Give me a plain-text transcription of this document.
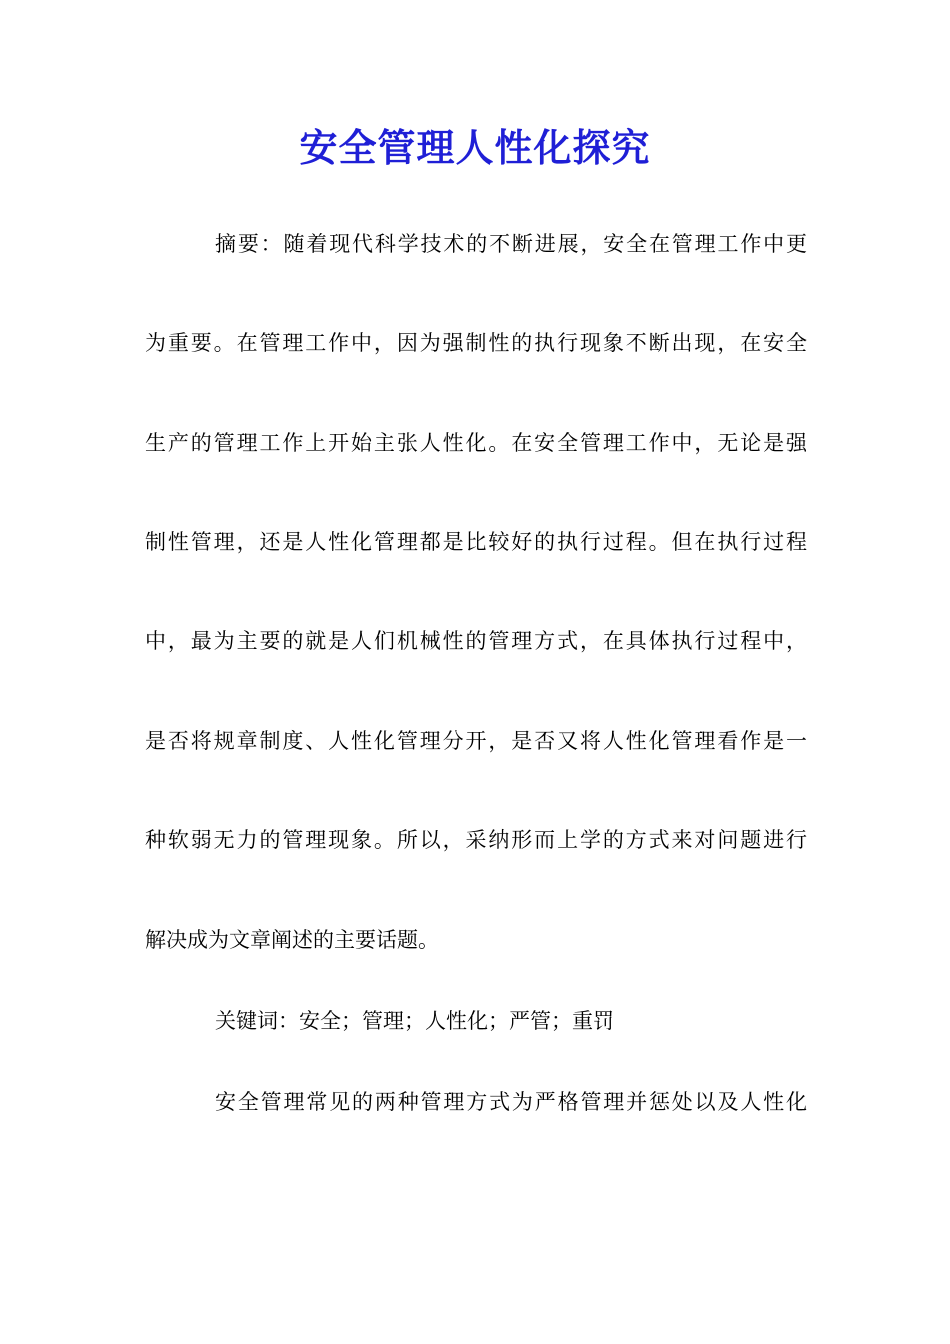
安全管理人性化探究

摘要：随着现代科学技术的不断进展，安全在管理工作中更

为重要。在管理工作中，因为强制性的执行现象不断出现，在安全

生产的管理工作上开始主张人性化。在安全管理工作中，无论是强

制性管理，还是人性化管理都是比较好的执行过程。但在执行过程

中，最为主要的就是人们机械性的管理方式，在具体执行过程中，

是否将规章制度、人性化管理分开，是否又将人性化管理看作是一

种软弱无力的管理现象。所以，采纳形而上学的方式来对问题进行

解决成为文章阐述的主要话题。

关键词：安全；管理；人性化；严管；重罚

安全管理常见的两种管理方式为严格管理并惩处以及人性化
